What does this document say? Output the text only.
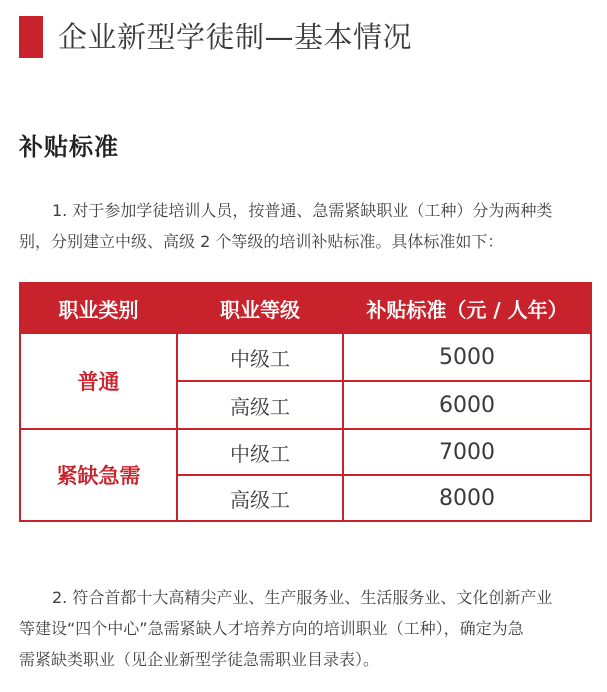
企业新型学徒制—基本情况
补贴标准

1. 对于参加学徒培训人员，按普通、急需紧缺职业（工种）分为两种类
别，分别建立中级、高级 2 个等级的培训补贴标准。具体标准如下：

职业类别	职业等级	补贴标准（元 / 人年）
普通	中级工	5000
	高级工	6000
紧缺急需	中级工	7000
	高级工	8000

2. 符合首都十大高精尖产业、生产服务业、生活服务业、文化创新产业
等建设“四个中心”急需紧缺人才培养方向的培训职业（工种），确定为急
需紧缺类职业（见企业新型学徒急需职业目录表）。
